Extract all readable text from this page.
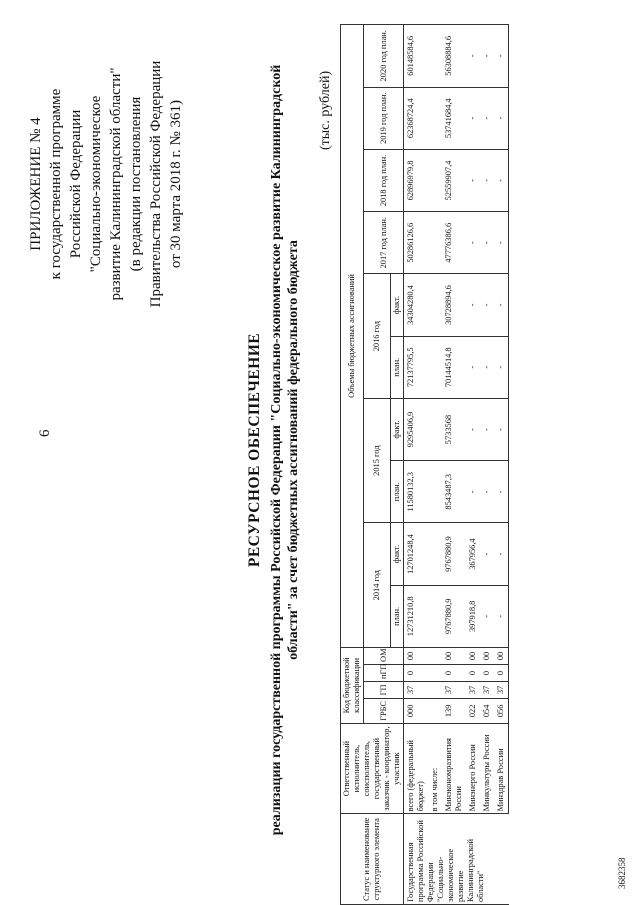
6
ПРИЛОЖЕНИЕ № 4 к государственной программе Российской Федерации "Социально-экономическое развитие Калининградской области" (в редакции постановления Правительства Российской Федерации от 30 марта 2018 г. № 361)
РЕСУРСНОЕ ОБЕСПЕЧЕНИЕ реализации государственной программы Российской Федерации "Социально-экономическое развитие Калининградской области" за счет бюджетных ассигнований федерального бюджета
(тыс. рублей)
Статус и наименование структурного элемента	Ответственный исполнитель, соисполнитель, государственный заказчик - координатор, участник	Код бюджетной классификации				Объемы бюджетных ассигнований									
		ГРБС	ГП	пГП	ОМ	2014 год		2015 год		2016 год		2017 год план.	2018 год план.	2019 год план.	2020 год план.
						план.	факт.	план.	факт.	план.	факт.				
Государственная программа Российской Федерации "Социально-экономическое развитие Калининградской области"	всего (федеральный бюджет)	000	37	0	00	12731210,8	12701248,4	11580132,3	9295406,9	72137795,5	34304280,4	50286126,6	62896979,8	62368724,4	60148584,6
	в том числе:														
	Минэкономразвития России	139	37	0	00	9767880,9	9767880,9	8543487,3	5733568	70144514,8	30728894,6	47776386,6	52559907,4	53741684,4	56308884,6
	Минэнерго России	022	37	0	00	397918,8	367956,4	-	-	-	-	-	-	-	-
	Минкультуры России	054	37	0	00	-	-	-	-	-	-	-	-	-	-
	Минздрав России	056	37	0	00	-	-	-	-	-	-	-	-	-	-
3682358
